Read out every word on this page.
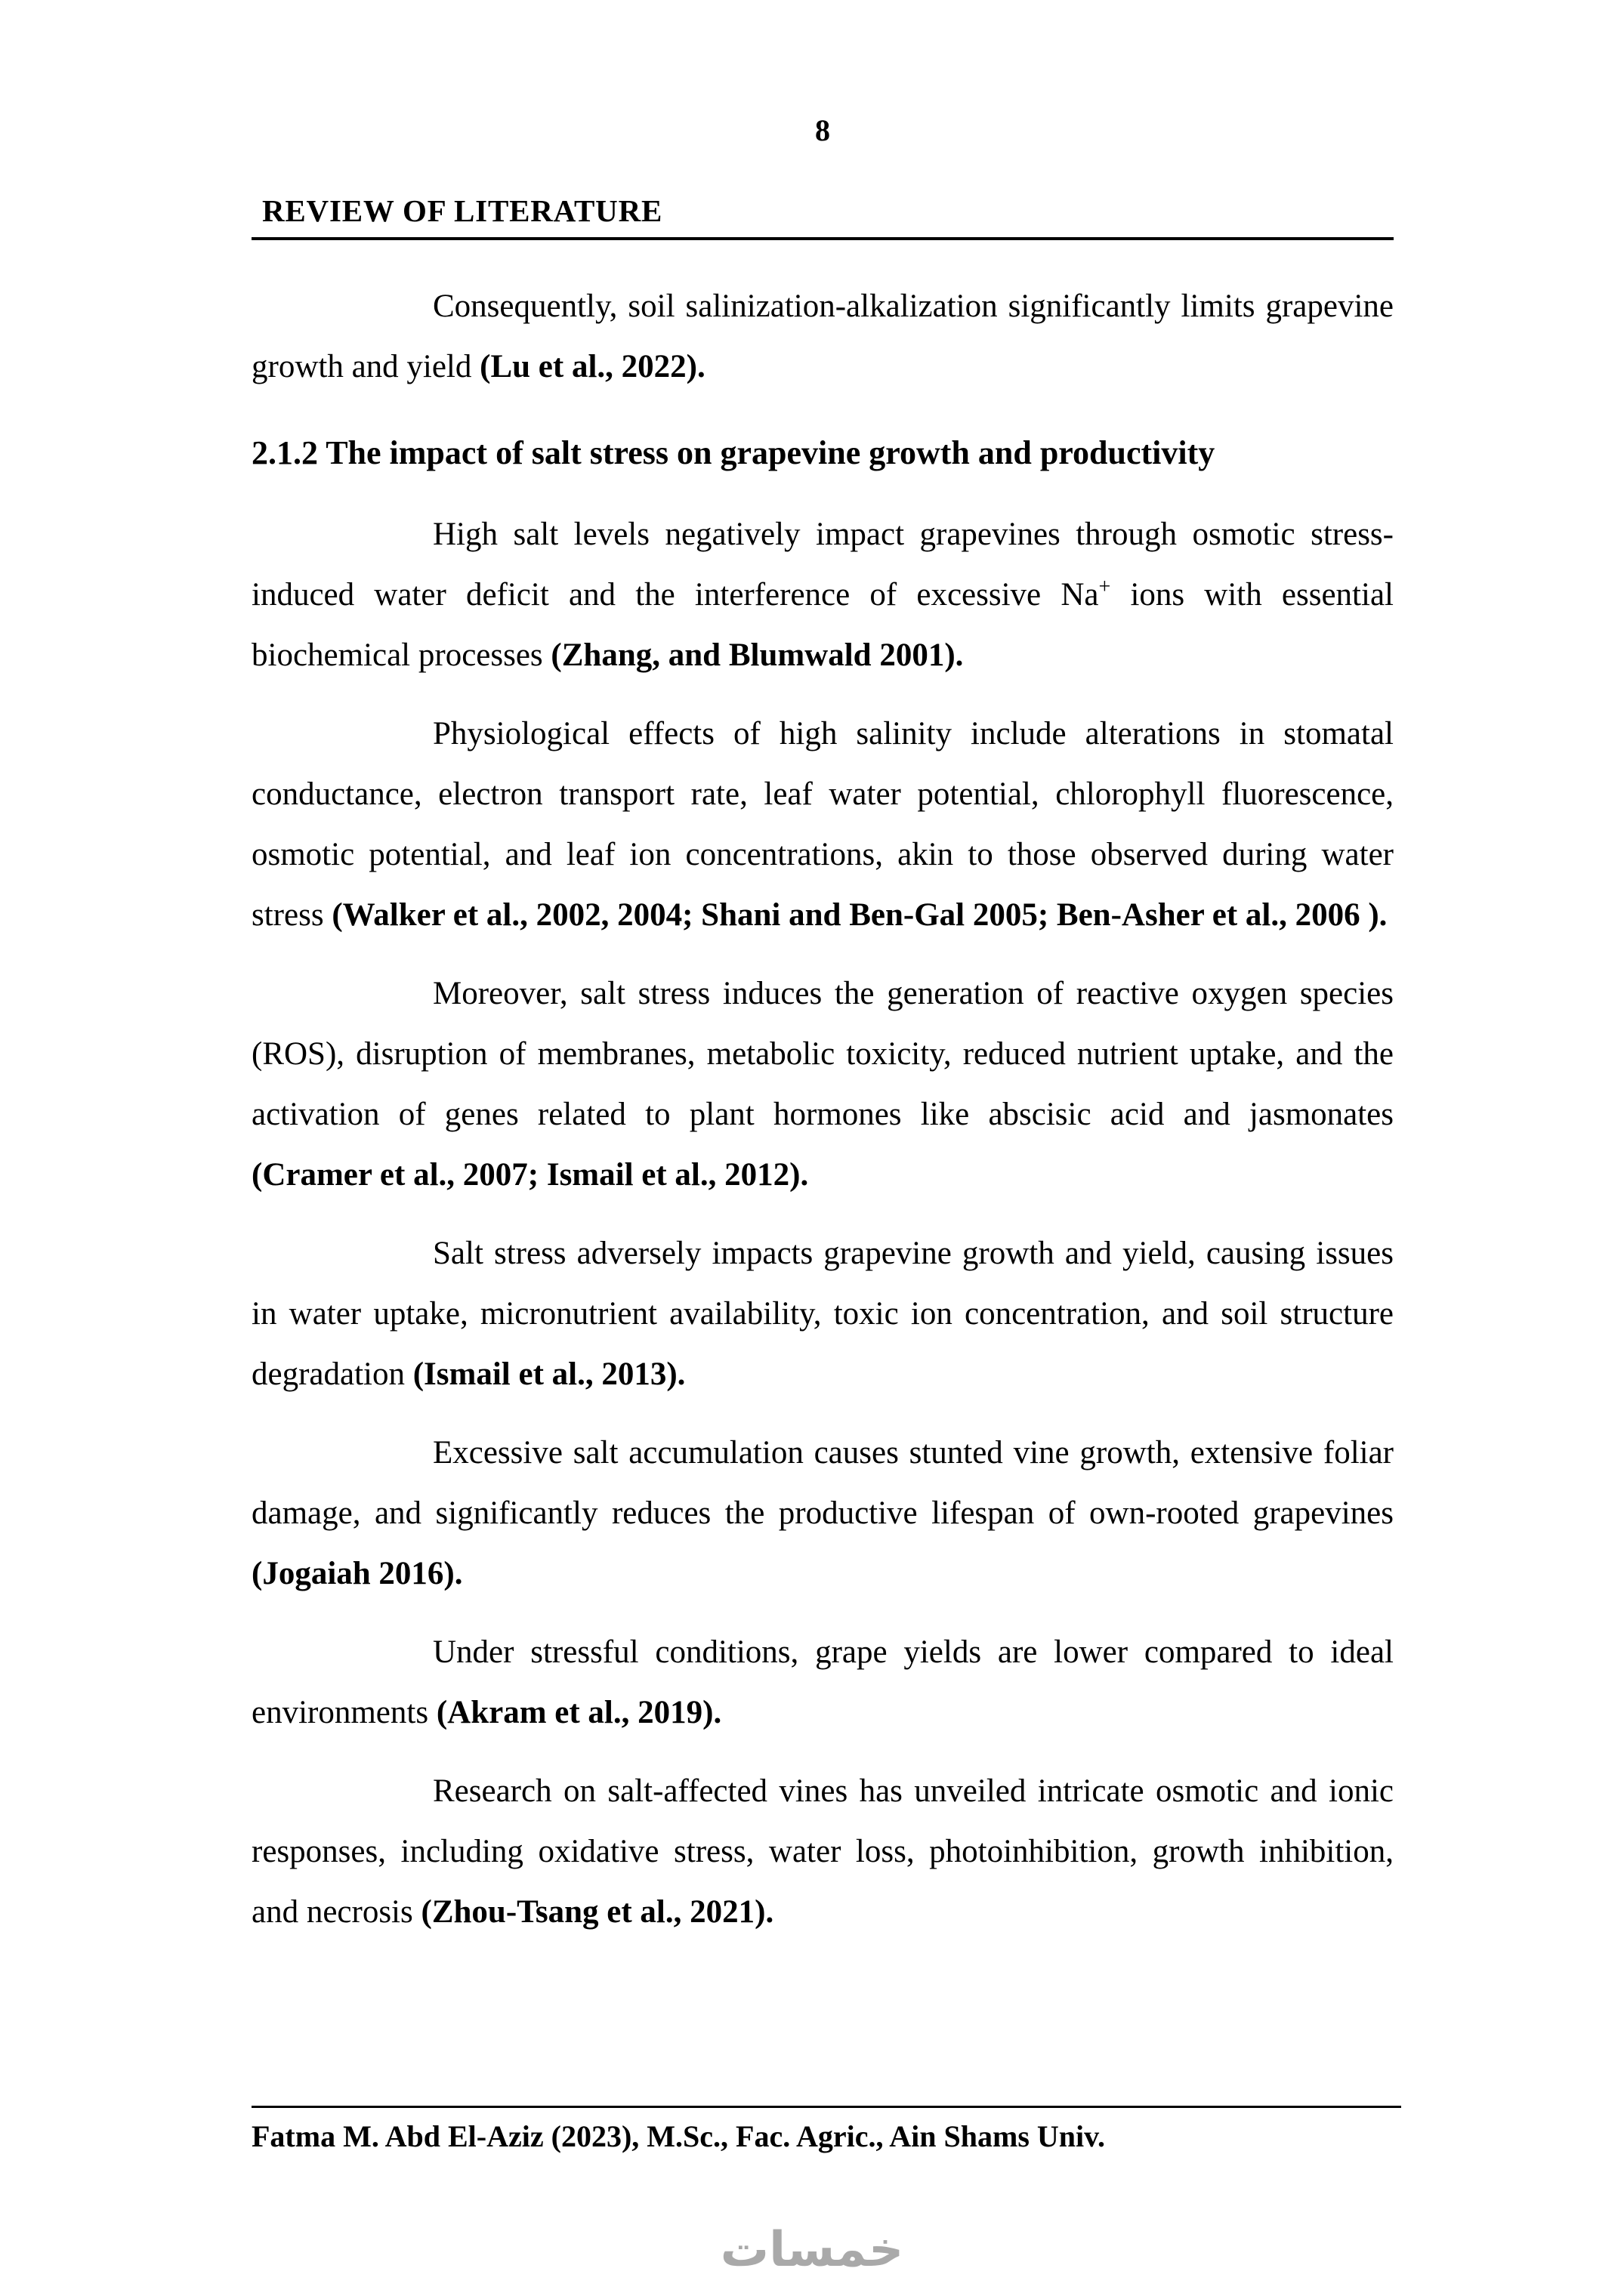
8
REVIEW OF LITERATURE

Consequently, soil salinization-alkalization significantly limits grapevine growth and yield (Lu et al., 2022).

2.1.2 The impact of salt stress on grapevine growth and productivity

High salt levels negatively impact grapevines through osmotic stress-induced water deficit and the interference of excessive Na+ ions with essential biochemical processes (Zhang, and Blumwald 2001).

Physiological effects of high salinity include alterations in stomatal conductance, electron transport rate, leaf water potential, chlorophyll fluorescence, osmotic potential, and leaf ion concentrations, akin to those observed during water stress (Walker et al., 2002, 2004; Shani and Ben-Gal 2005; Ben-Asher et al., 2006 ).

Moreover, salt stress induces the generation of reactive oxygen species (ROS), disruption of membranes, metabolic toxicity, reduced nutrient uptake, and the activation of genes related to plant hormones like abscisic acid and jasmonates (Cramer et al., 2007; Ismail et al., 2012).

Salt stress adversely impacts grapevine growth and yield, causing issues in water uptake, micronutrient availability, toxic ion concentration, and soil structure degradation (Ismail et al., 2013).

Excessive salt accumulation causes stunted vine growth, extensive foliar damage, and significantly reduces the productive lifespan of own-rooted grapevines (Jogaiah 2016).

Under stressful conditions, grape yields are lower compared to ideal environments (Akram et al., 2019).

Research on salt-affected vines has unveiled intricate osmotic and ionic responses, including oxidative stress, water loss, photoinhibition, growth inhibition, and necrosis (Zhou-Tsang et al., 2021).

Fatma M. Abd El-Aziz (2023), M.Sc., Fac. Agric., Ain Shams Univ.
خمسات
